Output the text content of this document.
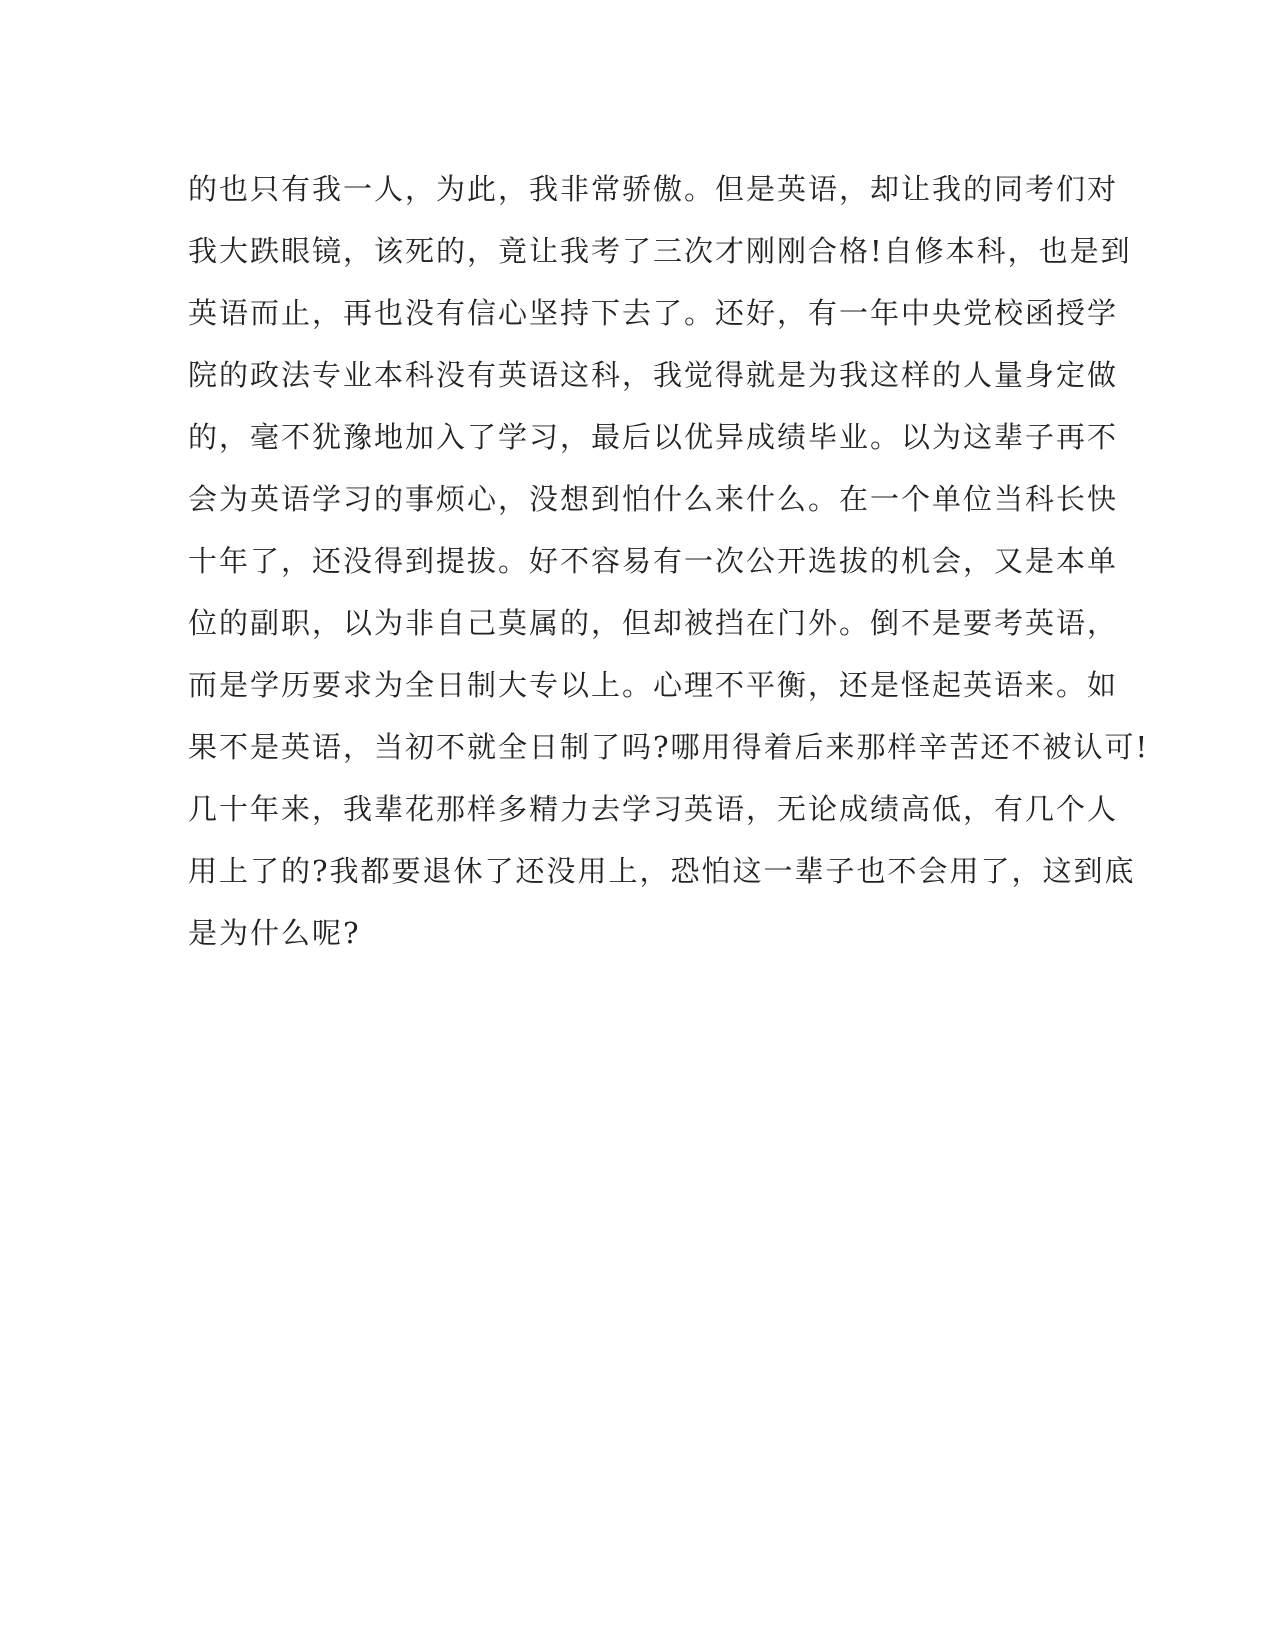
的也只有我一人，为此，我非常骄傲。但是英语，却让我的同考们对
我大跌眼镜，该死的，竟让我考了三次才刚刚合格!自修本科，也是到
英语而止，再也没有信心坚持下去了。还好，有一年中央党校函授学
院的政法专业本科没有英语这科，我觉得就是为我这样的人量身定做
的，毫不犹豫地加入了学习，最后以优异成绩毕业。以为这辈子再不
会为英语学习的事烦心，没想到怕什么来什么。在一个单位当科长快
十年了，还没得到提拔。好不容易有一次公开选拔的机会，又是本单
位的副职，以为非自己莫属的，但却被挡在门外。倒不是要考英语，
而是学历要求为全日制大专以上。心理不平衡，还是怪起英语来。如
果不是英语，当初不就全日制了吗?哪用得着后来那样辛苦还不被认可!
几十年来，我辈花那样多精力去学习英语，无论成绩高低，有几个人
用上了的?我都要退休了还没用上，恐怕这一辈子也不会用了，这到底
是为什么呢?
